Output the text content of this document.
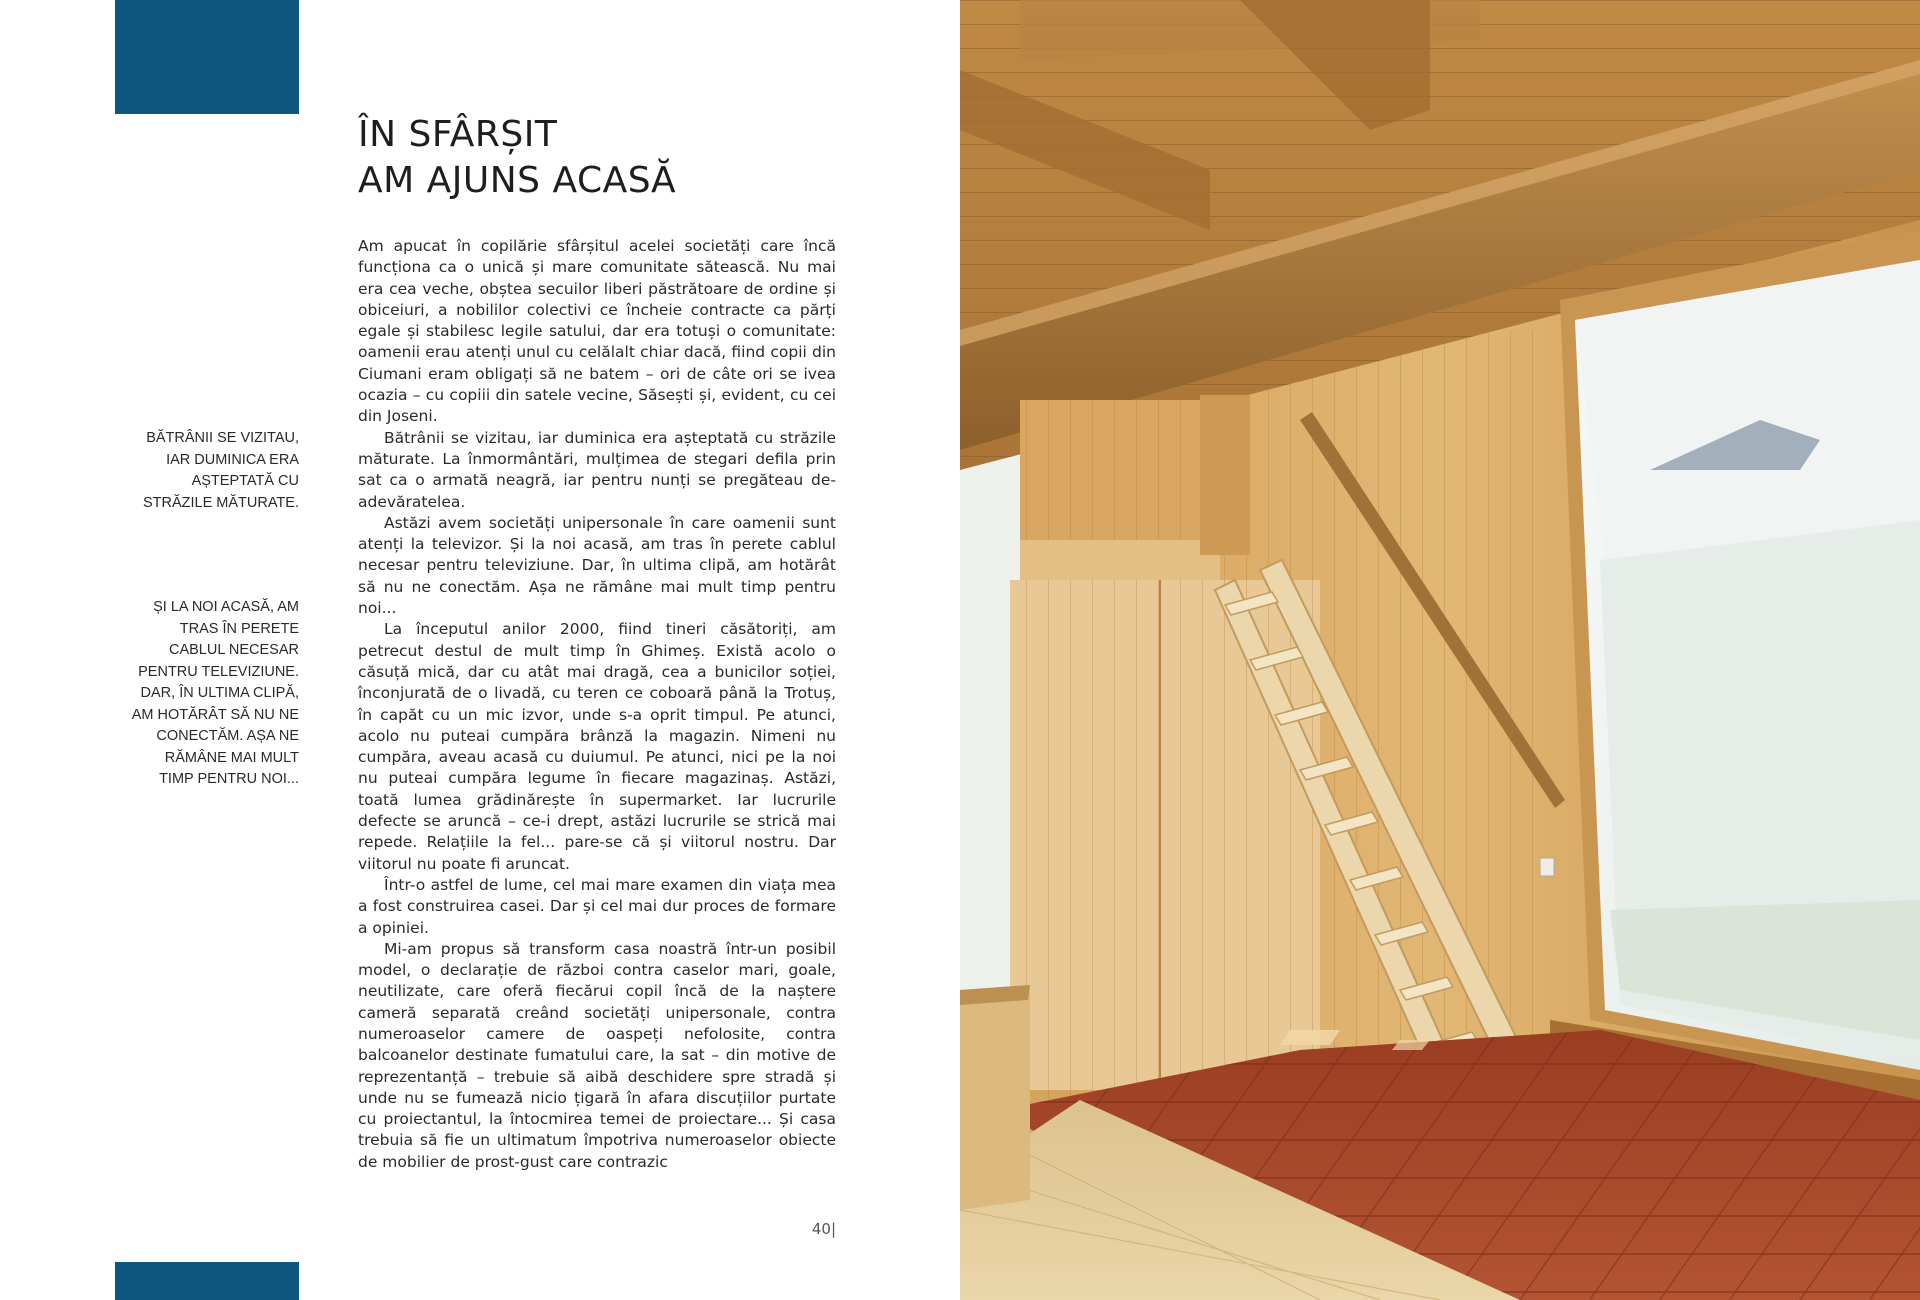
ÎN SFÂRȘIT
AM AJUNS ACASĂ
BĂTRÂNII SE VIZITAU, IAR DUMINICA ERA AȘTEPTATĂ CU STRĂZILE MĂTURATE.
ȘI LA NOI ACASĂ, AM TRAS ÎN PERETE CABLUL NECESAR PENTRU TELEVIZIUNE. DAR, ÎN ULTIMA CLIPĂ, AM HOTĂRÂT SĂ NU NE CONECTĂM. AȘA NE RĂMÂNE MAI MULT TIMP PENTRU NOI...

Am apucat în copilărie sfârșitul acelei societăți care încă funcționa ca o unică și mare comunitate sătească. Nu mai era cea veche, obștea secuilor liberi păstrătoare de ordine și obiceiuri, a nobililor colectivi ce încheie contracte ca părți egale și stabilesc legile satului, dar era totuși o comunitate: oamenii erau atenți unul cu celălalt chiar dacă, fiind copii din Ciumani eram obligați să ne batem – ori de câte ori se ivea ocazia – cu copiii din satele vecine, Săsești și, evident, cu cei din Joseni.

Bătrânii se vizitau, iar duminica era așteptată cu străzile măturate. La înmormântări, mulțimea de stegari defila prin sat ca o armată neagră, iar pentru nunți se pregăteau de-adevăratelea.

Astăzi avem societăți unipersonale în care oamenii sunt atenți la televizor. Și la noi acasă, am tras în perete cablul necesar pentru televiziune. Dar, în ultima clipă, am hotărât să nu ne conectăm. Așa ne rămâne mai mult timp pentru noi...

La începutul anilor 2000, fiind tineri căsătoriți, am petrecut destul de mult timp în Ghimeș. Există acolo o căsuță mică, dar cu atât mai dragă, cea a bunicilor soției, înconjurată de o livadă, cu teren ce coboară până la Trotuș, în capăt cu un mic izvor, unde s-a oprit timpul. Pe atunci, acolo nu puteai cumpăra brânză la magazin. Nimeni nu cumpăra, aveau acasă cu duiumul. Pe atunci, nici pe la noi nu puteai cumpăra legume în fiecare magazinaș. Astăzi, toată lumea grădinărește în supermarket. Iar lucrurile defecte se aruncă – ce-i drept, astăzi lucrurile se strică mai repede. Relațiile la fel... pare-se că și viitorul nostru. Dar viitorul nu poate fi aruncat.

Într-o astfel de lume, cel mai mare examen din viața mea a fost construirea casei. Dar și cel mai dur proces de formare a opiniei.

Mi-am propus să transform casa noastră într-un posibil model, o declarație de război contra caselor mari, goale, neutilizate, care oferă fiecărui copil încă de la naștere cameră separată creând societăți unipersonale, contra numeroaselor camere de oaspeți nefolosite, contra balcoanelor destinate fumatului care, la sat – din motive de reprezentanță – trebuie să aibă deschidere spre stradă și unde nu se fumează nicio țigară în afara discuțiilor purtate cu proiectantul, la întocmirea temei de proiectare... Și casa trebuia să fie un ultimatum împotriva numeroaselor obiecte de mobilier de prost-gust care contrazic

40|
